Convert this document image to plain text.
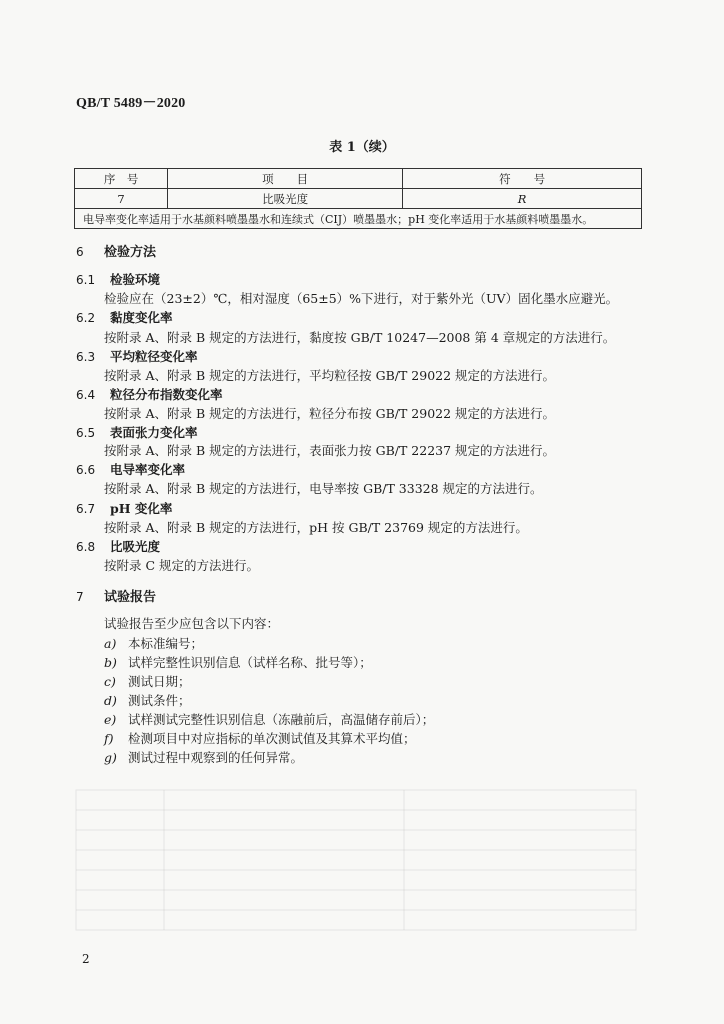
QB/T 5489－2020
表 1（续）
序　号	项　　目	符　　号
7	比吸光度	R
电导率变化率适用于水基颜料喷墨墨水和连续式（CIJ）喷墨墨水；pH 变化率适用于水基颜料喷墨墨水。		
6 检验方法
6.1 检验环境
检验应在（23±2）℃，相对湿度（65±5）%下进行，对于紫外光（UV）固化墨水应避光。
6.2 黏度变化率
按附录 A、附录 B 规定的方法进行，黏度按 GB/T 10247—2008 第 4 章规定的方法进行。
6.3 平均粒径变化率
按附录 A、附录 B 规定的方法进行，平均粒径按 GB/T 29022 规定的方法进行。
6.4 粒径分布指数变化率
按附录 A、附录 B 规定的方法进行，粒径分布按 GB/T 29022 规定的方法进行。
6.5 表面张力变化率
按附录 A、附录 B 规定的方法进行，表面张力按 GB/T 22237 规定的方法进行。
6.6 电导率变化率
按附录 A、附录 B 规定的方法进行，电导率按 GB/T 33328 规定的方法进行。
6.7 pH 变化率
按附录 A、附录 B 规定的方法进行，pH 按 GB/T 23769 规定的方法进行。
6.8 比吸光度
按附录 C 规定的方法进行。
7 试验报告
试验报告至少应包含以下内容：
a) 本标准编号；
b) 试样完整性识别信息（试样名称、批号等）；
c) 测试日期；
d) 测试条件；
e) 试样测试完整性识别信息（冻融前后，高温储存前后）；
f) 检测项目中对应指标的单次测试值及其算术平均值；
g) 测试过程中观察到的任何异常。
2
